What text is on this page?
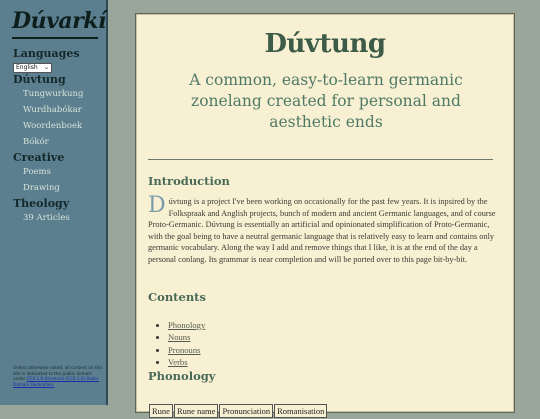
Dúvarkí
Languages
English ⌄
Dúvtung
Tungwurkung
Wurdhabókar
Woordenboek
Bókór
Creative
Poems
Drawing
Theology
39 Articles
Unless otherwise noted, all content on this site is dedicated to the public domain under CC0 1.0 Universal (CC0 1.0) Public Domain Dedication.
Dúvtung
A common, easy-to-learn germanic zonelang created for personal and aesthetic ends
Introduction
Dúvtung is a project I've been working on occasionally for the past few years. It is inpsired by the Folkspraak and Anglish projects, bunch of modern and ancient Germanic languages, and of course Proto-Germanic. Dúvtung is essentially an artificial and opinionated simplification of Proto-Germanic, with the goal being to have a neutral germanic language that is relatively easy to learn and contains only germanic vocabulary. Along the way I add and remove things that I like, it is at the end of the day a personal conlang. Its grammar is near completion and will be ported over to this page bit-by-bit.
Contents
• Phonology
• Nouns
• Pronouns
• Verbs
Phonology
Rune	Rune name	Pronunciation	Romanisation
